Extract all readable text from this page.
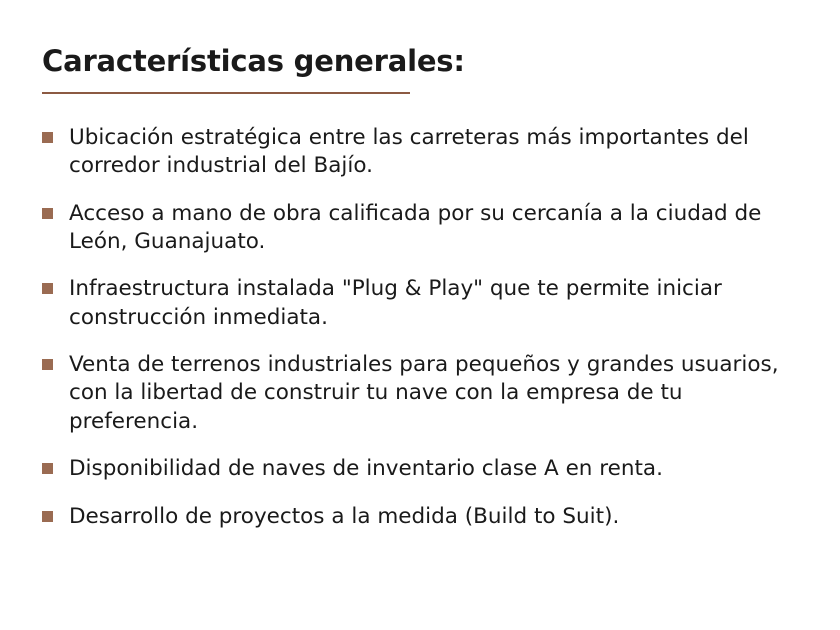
Características generales:
Ubicación estratégica entre las carreteras más importantes del corredor industrial del Bajío.
Acceso a mano de obra calificada por su cercanía a la ciudad de León, Guanajuato.
Infraestructura instalada "Plug & Play" que te permite iniciar construcción inmediata.
Venta de terrenos industriales para pequeños y grandes usuarios, con la libertad de construir tu nave con la empresa de tu preferencia.
Disponibilidad de naves de inventario clase A en renta.
Desarrollo de proyectos a la medida (Build to Suit).
